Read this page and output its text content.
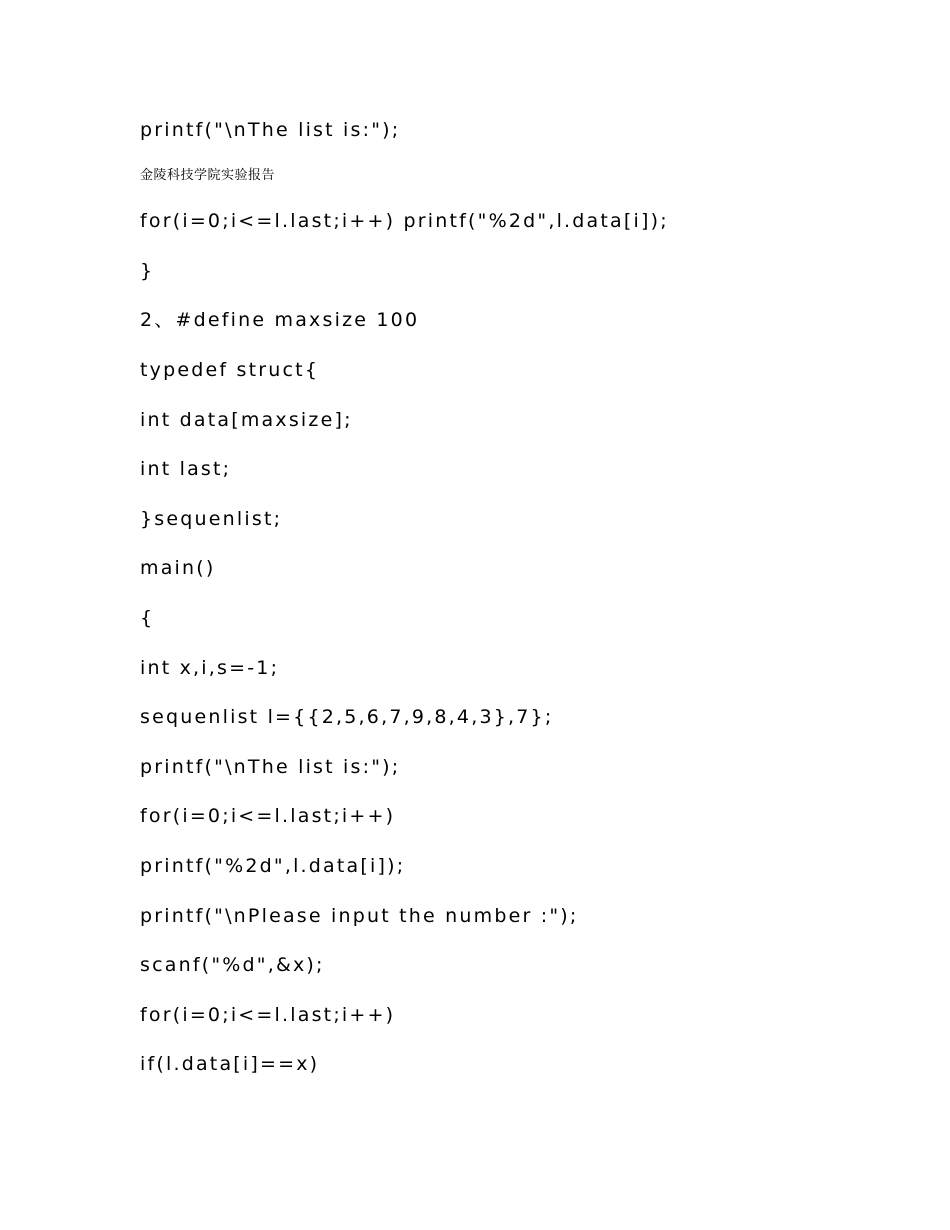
printf("\nThe list is:");
金陵科技学院实验报告
for(i=0;i<=l.last;i++) printf("%2d",l.data[i]);
}
2、#define maxsize 100
typedef struct{
int data[maxsize];
int last;
}sequenlist;
main()
{
int x,i,s=-1;
sequenlist l={{2,5,6,7,9,8,4,3},7};
printf("\nThe list is:");
for(i=0;i<=l.last;i++)
printf("%2d",l.data[i]);
printf("\nPlease input the number :");
scanf("%d",&x);
for(i=0;i<=l.last;i++)
if(l.data[i]==x)
